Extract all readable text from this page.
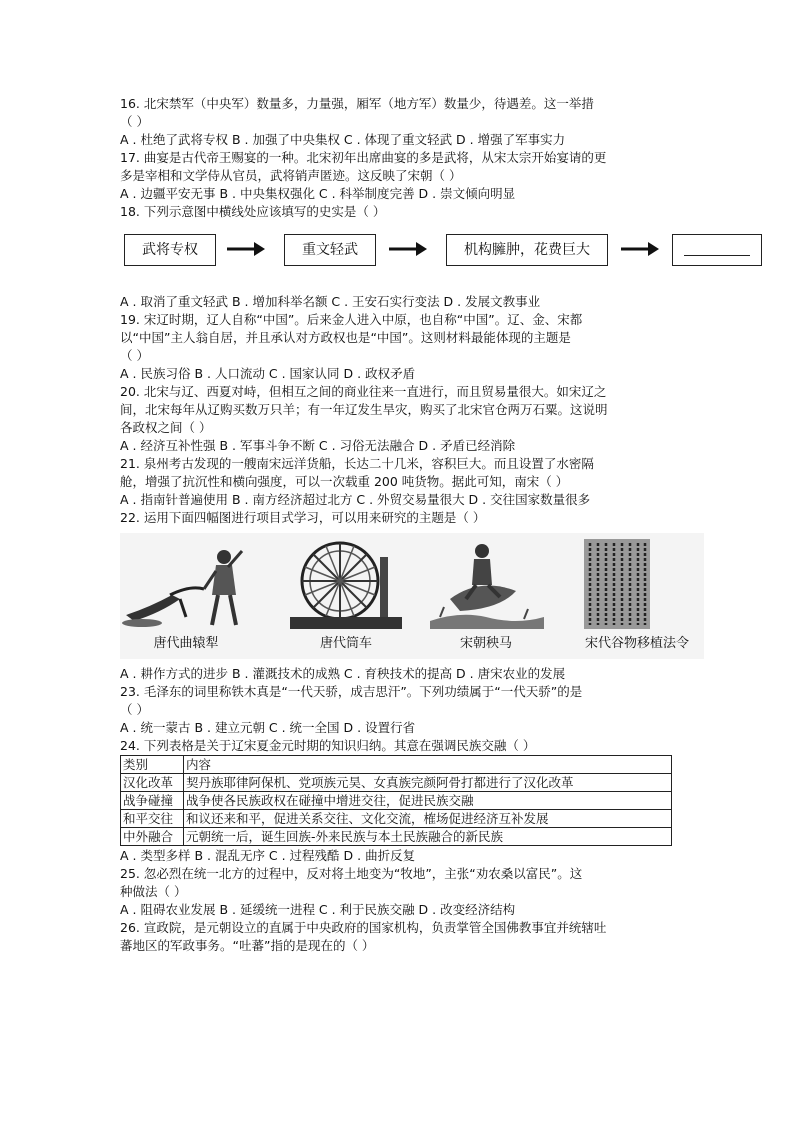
16. 北宋禁军（中央军）数量多，力量强，厢军（地方军）数量少，待遇差。这一举措
（ ）
A . 杜绝了武将专权 B . 加强了中央集权 C . 体现了重文轻武 D . 增强了军事实力
17. 曲宴是古代帝王赐宴的一种。北宋初年出席曲宴的多是武将，从宋太宗开始宴请的更
多是宰相和文学侍从官员，武将销声匿迹。这反映了宋朝（ ）
A . 边疆平安无事 B . 中央集权强化 C . 科举制度完善 D . 崇文倾向明显
18. 下列示意图中横线处应该填写的史实是（ ）
武将专权	重文轻武	机构臃肿，花费巨大
A . 取消了重文轻武 B . 增加科举名额 C . 王安石实行变法 D . 发展文教事业
19. 宋辽时期，辽人自称“中国”。后来金人进入中原，也自称“中国”。辽、金、宋都
以“中国”主人翁自居，并且承认对方政权也是“中国”。这则材料最能体现的主题是
（ ）
A . 民族习俗 B . 人口流动 C . 国家认同 D . 政权矛盾
20. 北宋与辽、西夏对峙，但相互之间的商业往来一直进行，而且贸易量很大。如宋辽之
间，北宋每年从辽购买数万只羊；有一年辽发生旱灾，购买了北宋官仓两万石粟。这说明
各政权之间（ ）
A . 经济互补性强 B . 军事斗争不断 C . 习俗无法融合 D . 矛盾已经消除
21. 泉州考古发现的一艘南宋远洋货船，长达二十几米，容积巨大。而且设置了水密隔
舱，增强了抗沉性和横向强度，可以一次载重 200 吨货物。据此可知，南宋（ ）
A . 指南针普遍使用 B . 南方经济超过北方 C . 外贸交易量很大 D . 交往国家数量很多
22. 运用下面四幅图进行项目式学习，可以用来研究的主题是（ ）
唐代曲辕犁	唐代筒车	宋朝秧马	宋代谷物移植法令
A . 耕作方式的进步 B . 灌溉技术的成熟 C . 育秧技术的提高 D . 唐宋农业的发展
23. 毛泽东的词里称铁木真是“一代天骄，成吉思汗”。下列功绩属于“一代天骄”的是
（ ）
A . 统一蒙古 B . 建立元朝 C . 统一全国 D . 设置行省
24. 下列表格是关于辽宋夏金元时期的知识归纳。其意在强调民族交融（ ）
类别	内容
汉化改革	契丹族耶律阿保机、党项族元昊、女真族完颜阿骨打都进行了汉化改革
战争碰撞	战争使各民族政权在碰撞中增进交往，促进民族交融
和平交往	和议还来和平，促进关系交往、文化交流，榷场促进经济互补发展
中外融合	元朝统一后，诞生回族-外来民族与本土民族融合的新民族
A . 类型多样 B . 混乱无序 C . 过程残酷 D . 曲折反复
25. 忽必烈在统一北方的过程中，反对将土地变为“牧地”，主张“劝农桑以富民”。这
种做法（ ）
A . 阻碍农业发展 B . 延缓统一进程 C . 利于民族交融 D . 改变经济结构
26. 宣政院，是元朝设立的直属于中央政府的国家机构，负责掌管全国佛教事宜并统辖吐
蕃地区的军政事务。“吐蕃”指的是现在的（ ）
